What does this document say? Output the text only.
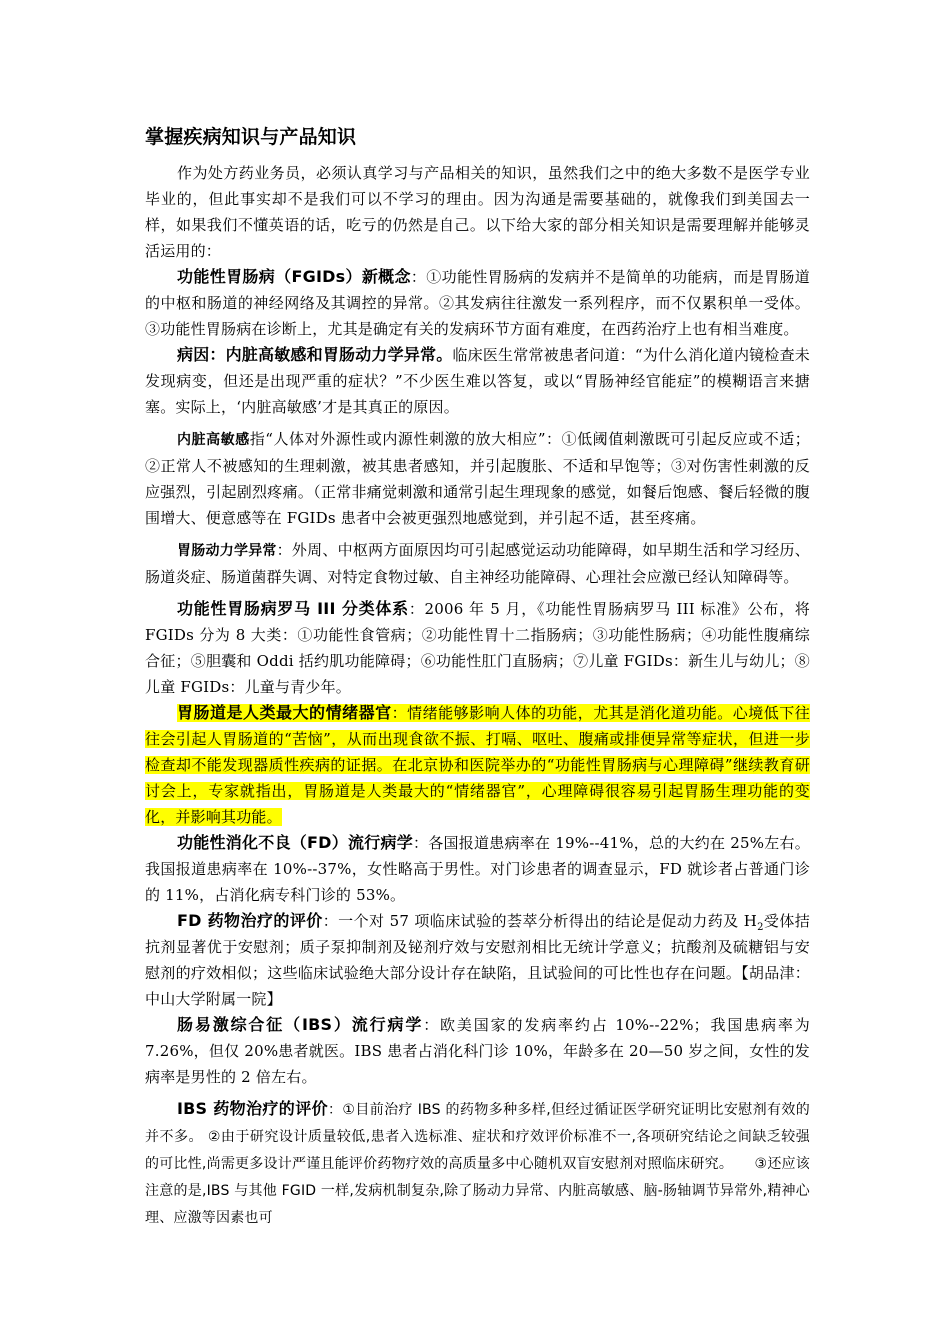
掌握疾病知识与产品知识

作为处方药业务员，必须认真学习与产品相关的知识，虽然我们之中的绝大多数不是医学专业毕业的，但此事实却不是我们可以不学习的理由。因为沟通是需要基础的，就像我们到美国去一样，如果我们不懂英语的话，吃亏的仍然是自己。以下给大家的部分相关知识是需要理解并能够灵活运用的：

功能性胃肠病（FGIDs）新概念：①功能性胃肠病的发病并不是简单的功能病，而是胃肠道的中枢和肠道的神经网络及其调控的异常。②其发病往往激发一系列程序，而不仅累积单一受体。③功能性胃肠病在诊断上，尤其是确定有关的发病环节方面有难度，在西药治疗上也有相当难度。

病因：内脏高敏感和胃肠动力学异常。临床医生常常被患者问道：“为什么消化道内镜检查未发现病变，但还是出现严重的症状？”不少医生难以答复，或以“胃肠神经官能症”的模糊语言来搪塞。实际上，‘内脏高敏感’才是其真正的原因。

内脏高敏感指“人体对外源性或内源性刺激的放大相应”：①低阈值刺激既可引起反应或不适；②正常人不被感知的生理刺激，被其患者感知，并引起腹胀、不适和早饱等；③对伤害性刺激的反应强烈，引起剧烈疼痛。（正常非痛觉刺激和通常引起生理现象的感觉，如餐后饱感、餐后轻微的腹围增大、便意感等在 FGIDs 患者中会被更强烈地感觉到，并引起不适，甚至疼痛。

胃肠动力学异常：外周、中枢两方面原因均可引起感觉运动功能障碍，如早期生活和学习经历、肠道炎症、肠道菌群失调、对特定食物过敏、自主神经功能障碍、心理社会应激已经认知障碍等。

功能性胃肠病罗马 III 分类体系：2006 年 5 月，《功能性胃肠病罗马 III 标准》公布，将 FGIDs 分为 8 大类：①功能性食管病；②功能性胃十二指肠病；③功能性肠病；④功能性腹痛综合征；⑤胆囊和 Oddi 括约肌功能障碍；⑥功能性肛门直肠病；⑦儿童 FGIDs：新生儿与幼儿；⑧儿童 FGIDs：儿童与青少年。

胃肠道是人类最大的情绪器官：情绪能够影响人体的功能，尤其是消化道功能。心境低下往往会引起人胃肠道的“苦恼”，从而出现食欲不振、打嗝、呕吐、腹痛或排便异常等症状，但进一步检查却不能发现器质性疾病的证据。在北京协和医院举办的“功能性胃肠病与心理障碍”继续教育研讨会上，专家就指出，胃肠道是人类最大的“情绪器官”，心理障碍很容易引起胃肠生理功能的变化，并影响其功能。

功能性消化不良（FD）流行病学：各国报道患病率在 19%--41%，总的大约在 25%左右。我国报道患病率在 10%--37%，女性略高于男性。对门诊患者的调查显示，FD 就诊者占普通门诊的 11%，占消化病专科门诊的 53%。

FD 药物治疗的评价：一个对 57 项临床试验的荟萃分析得出的结论是促动力药及 $H_2$受体拮抗剂显著优于安慰剂；质子泵抑制剂及铋剂疗效与安慰剂相比无统计学意义；抗酸剂及硫糖铝与安慰剂的疗效相似；这些临床试验绝大部分设计存在缺陷，且试验间的可比性也存在问题。【胡品津：中山大学附属一院】

肠易激综合征（IBS）流行病学：欧美国家的发病率约占 10%--22%；我国患病率为 7.26%，但仅 20%患者就医。IBS 患者占消化科门诊 10%，年龄多在 20—50 岁之间，女性的发病率是男性的 2 倍左右。

IBS 药物治疗的评价：①目前治疗 IBS 的药物多种多样,但经过循证医学研究证明比安慰剂有效的并不多。 ②由于研究设计质量较低,患者入选标准、症状和疗效评价标准不一,各项研究结论之间缺乏较强的可比性,尚需更多设计严谨且能评价药物疗效的高质量多中心随机双盲安慰剂对照临床研究。　　③还应该注意的是,IBS 与其他 FGID 一样,发病机制复杂,除了肠动力异常、内脏高敏感、脑-肠轴调节异常外,精神心理、应激等因素也可
